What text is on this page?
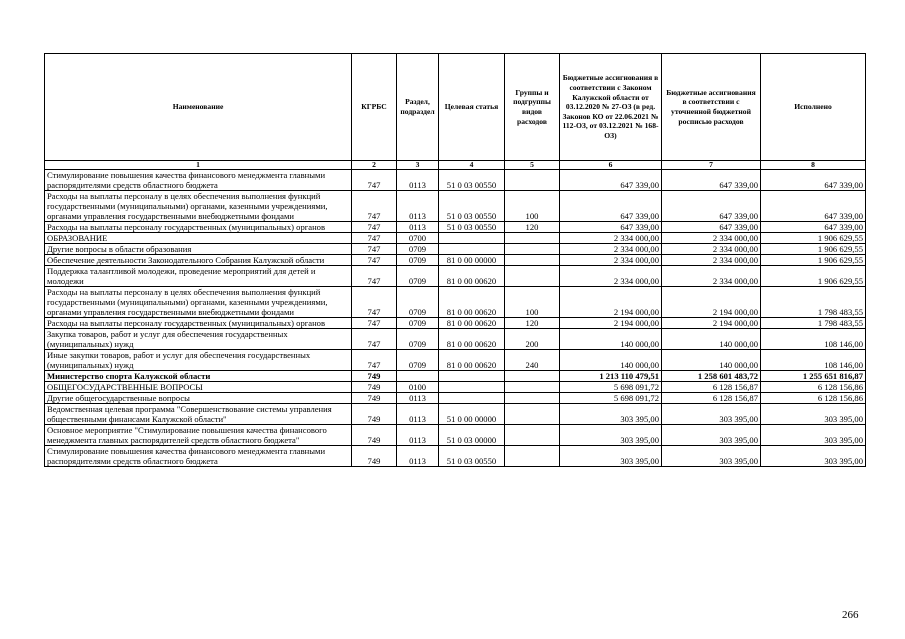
Наименование	КГРБС	Раздел, подраздел	Целевая статья	Группы и подгруппы видов расходов	Бюджетные ассигнования в соответствии с Законом Калужской области от 03.12.2020 № 27-ОЗ (в ред. Законов КО от 22.06.2021 № 112-ОЗ, от 03.12.2021 № 168-ОЗ)	Бюджетные ассигнования в соответствии с уточненной бюджетной росписью расходов	Исполнено
1	2	3	4	5	6	7	8
Стимулирование повышения качества финансового менеджмента главными распорядителями средств областного бюджета	747	0113	51 0 03 00550		647 339,00	647 339,00	647 339,00
Расходы на выплаты персоналу в целях обеспечения выполнения функций государственными (муниципальными) органами, казенными учреждениями, органами управления государственными внебюджетными фондами	747	0113	51 0 03 00550	100	647 339,00	647 339,00	647 339,00
Расходы на выплаты персоналу государственных (муниципальных) органов	747	0113	51 0 03 00550	120	647 339,00	647 339,00	647 339,00
ОБРАЗОВАНИЕ	747	0700			2 334 000,00	2 334 000,00	1 906 629,55
Другие вопросы в области образования	747	0709			2 334 000,00	2 334 000,00	1 906 629,55
Обеспечение деятельности Законодательного Собрания Калужской области	747	0709	81 0 00 00000		2 334 000,00	2 334 000,00	1 906 629,55
Поддержка талантливой молодежи, проведение мероприятий для детей и молодежи	747	0709	81 0 00 00620		2 334 000,00	2 334 000,00	1 906 629,55
Расходы на выплаты персоналу в целях обеспечения выполнения функций государственными (муниципальными) органами, казенными учреждениями, органами управления государственными внебюджетными фондами	747	0709	81 0 00 00620	100	2 194 000,00	2 194 000,00	1 798 483,55
Расходы на выплаты персоналу государственных (муниципальных) органов	747	0709	81 0 00 00620	120	2 194 000,00	2 194 000,00	1 798 483,55
Закупка товаров, работ и услуг для обеспечения государственных (муниципальных) нужд	747	0709	81 0 00 00620	200	140 000,00	140 000,00	108 146,00
Иные закупки товаров, работ и услуг для обеспечения государственных (муниципальных) нужд	747	0709	81 0 00 00620	240	140 000,00	140 000,00	108 146,00
Министерство спорта Калужской области	749				1 213 110 479,51	1 258 601 483,72	1 255 651 816,87
ОБЩЕГОСУДАРСТВЕННЫЕ ВОПРОСЫ	749	0100			5 698 091,72	6 128 156,87	6 128 156,86
Другие общегосударственные вопросы	749	0113			5 698 091,72	6 128 156,87	6 128 156,86
Ведомственная целевая программа "Совершенствование системы управления общественными финансами Калужской области"	749	0113	51 0 00 00000		303 395,00	303 395,00	303 395,00
Основное мероприятие "Стимулирование повышения качества финансового менеджмента главных распорядителей средств областного бюджета"	749	0113	51 0 03 00000		303 395,00	303 395,00	303 395,00
Стимулирование повышения качества финансового менеджмента главными распорядителями средств областного бюджета	749	0113	51 0 03 00550		303 395,00	303 395,00	303 395,00
266
